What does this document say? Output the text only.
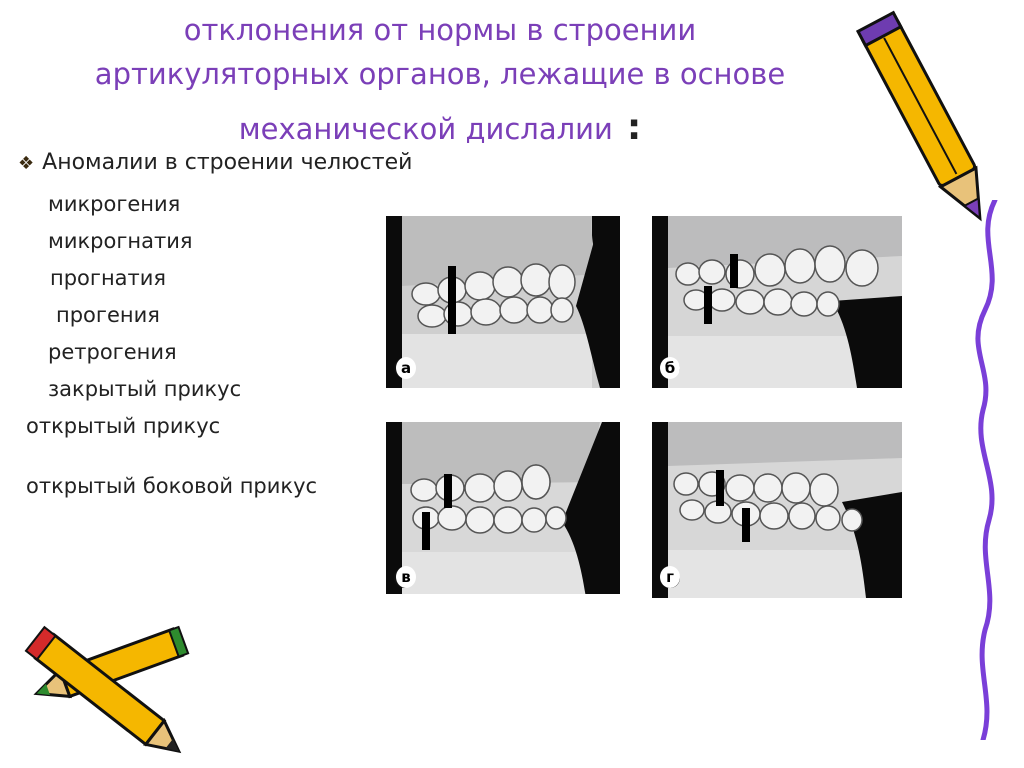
отклонения от нормы в строении
артикуляторных органов, лежащие в основе
механической дислалии :
❖ Аномалии в строении челюстей
микрогения
микрогнатия
прогнатия
прогения
ретрогения
закрытый прикус
открытый прикус
открытый боковой прикус
а	б
в	г
